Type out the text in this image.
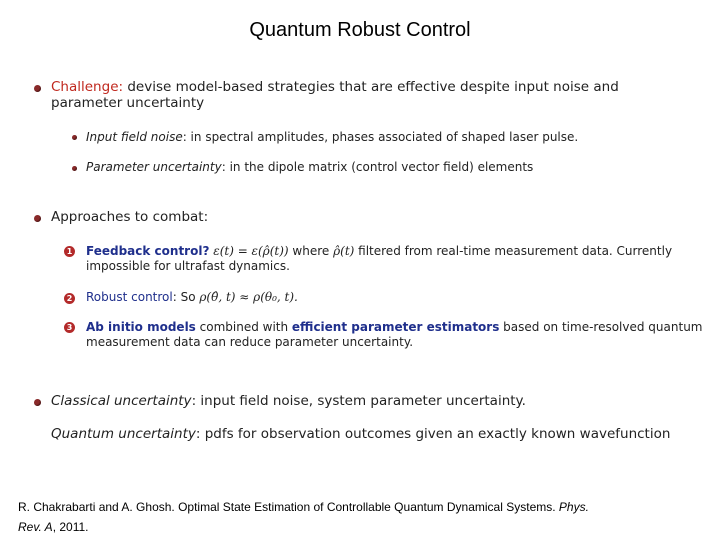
Quantum Robust Control
Challenge: devise model-based strategies that are effective despite input noise and
parameter uncertainty
Input field noise: in spectral amplitudes, phases associated of shaped laser pulse.
Parameter uncertainty: in the dipole matrix (control vector field) elements
Approaches to combat:
1 Feedback control? ε(t) = ε(ρ̂(t)) where ρ̂(t) filtered from real-time measurement data. Currently
impossible for ultrafast dynamics.
2 Robust control: So ρ(θ̂, t) ≈ ρ(θ₀, t).
3 Ab initio models combined with efficient parameter estimators based on time-resolved quantum
measurement data can reduce parameter uncertainty.
Classical uncertainty: input field noise, system parameter uncertainty.
Quantum uncertainty: pdfs for observation outcomes given an exactly known wavefunction
R. Chakrabarti and A. Ghosh. Optimal State Estimation of Controllable Quantum Dynamical Systems. Phys.
Rev. A, 2011.
